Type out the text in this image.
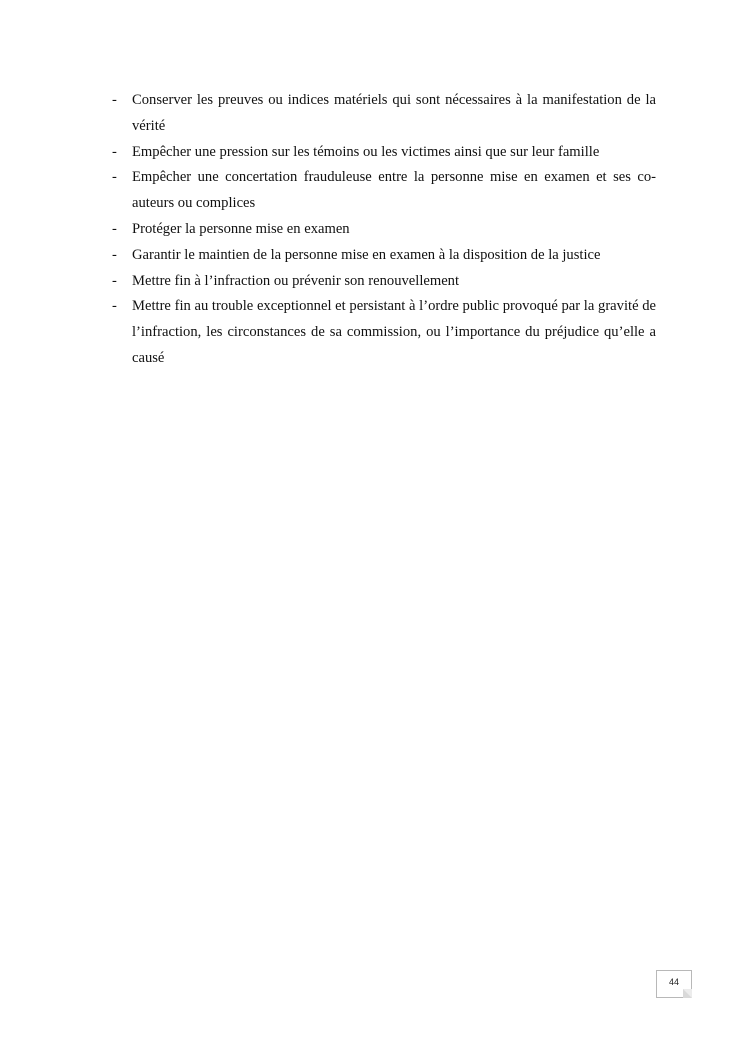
-	Conserver les preuves ou indices matériels qui sont nécessaires à la manifestation de la vérité
-	Empêcher une pression sur les témoins ou les victimes ainsi que sur leur famille
-	Empêcher une concertation frauduleuse entre la personne mise en examen et ses co-auteurs ou complices
-	Protéger la personne mise en examen
-	Garantir le maintien de la personne mise en examen à la disposition de la justice
-	Mettre fin à l’infraction ou prévenir son renouvellement
-	Mettre fin au trouble exceptionnel et persistant à l’ordre public provoqué par la gravité de l’infraction, les circonstances de sa commission, ou l’importance du préjudice qu’elle a causé
44
